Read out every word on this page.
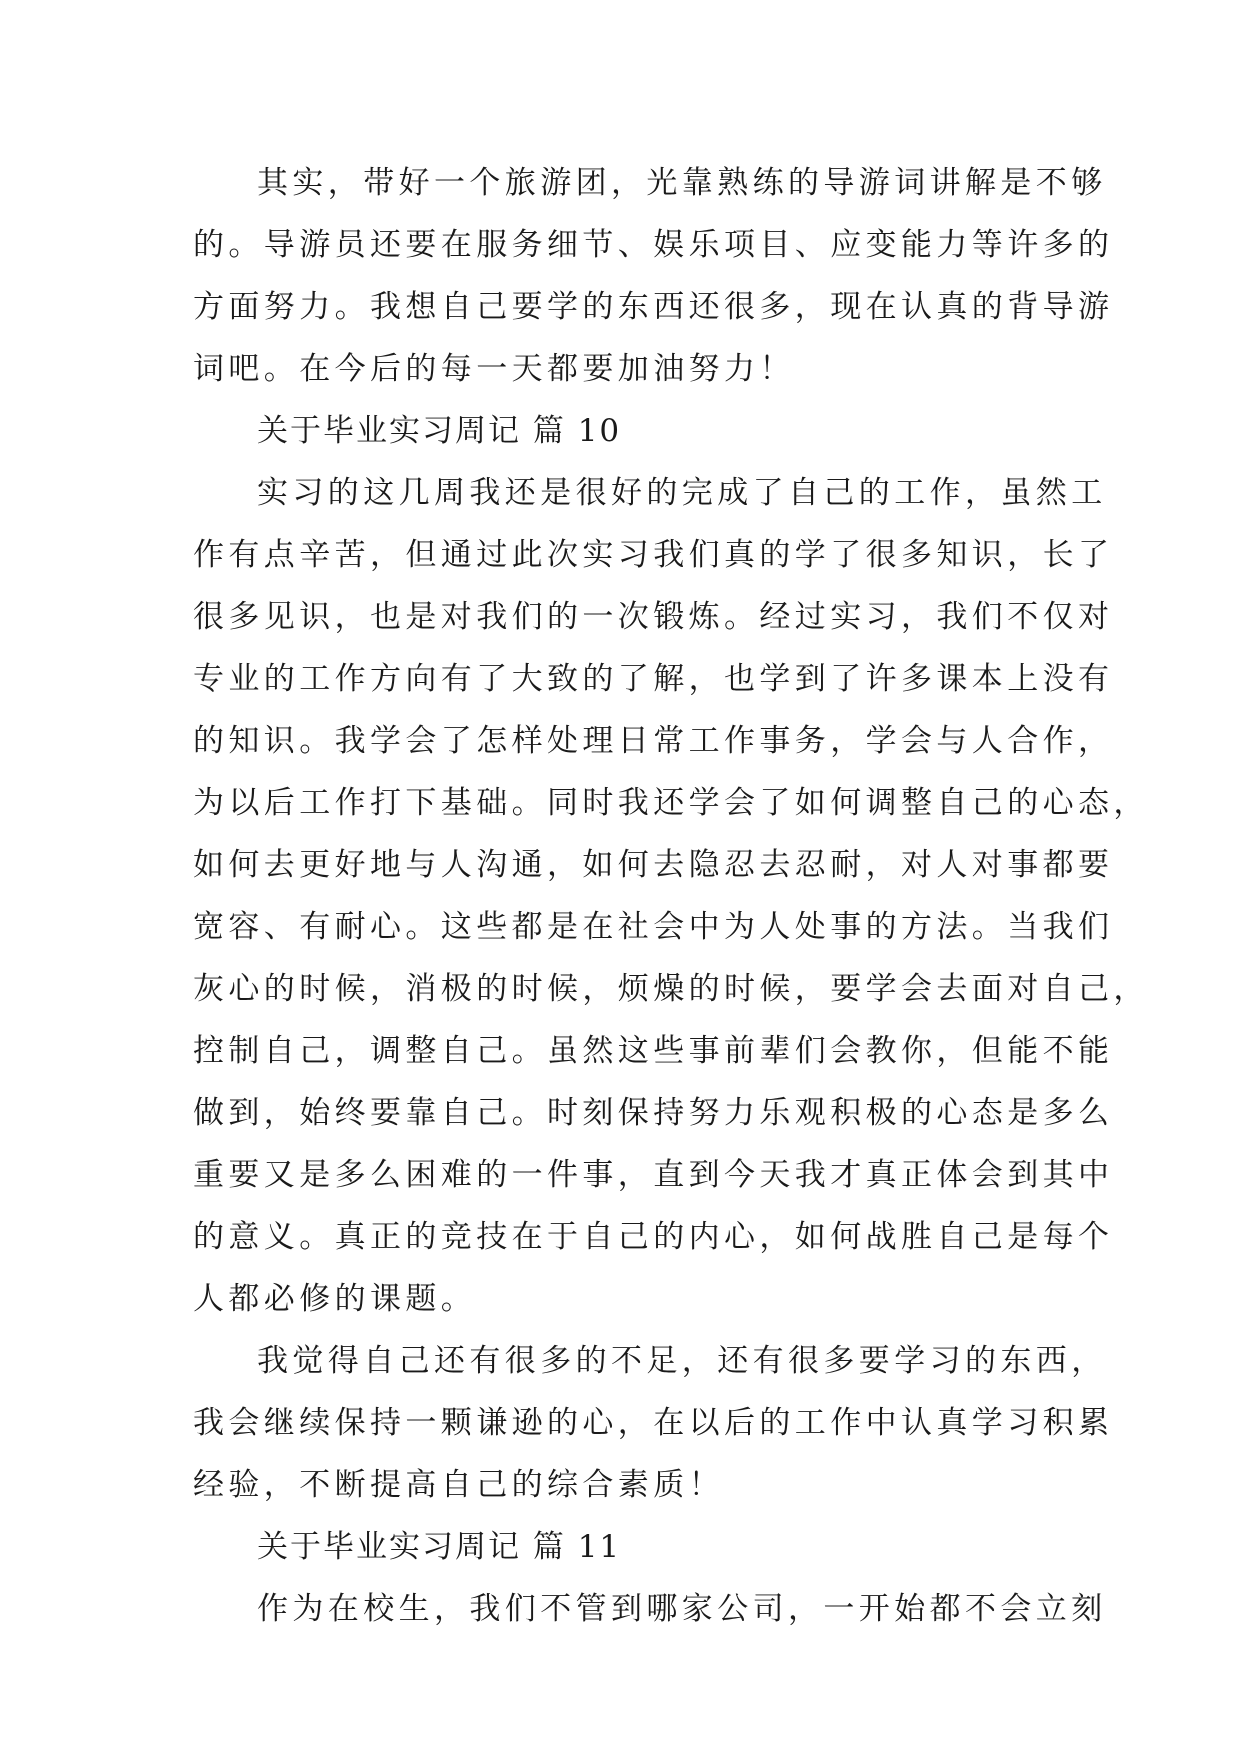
其实，带好一个旅游团，光靠熟练的导游词讲解是不够
的。导游员还要在服务细节、娱乐项目、应变能力等许多的
方面努力。我想自己要学的东西还很多，现在认真的背导游
词吧。在今后的每一天都要加油努力！
关于毕业实习周记 篇 10
实习的这几周我还是很好的完成了自己的工作，虽然工
作有点辛苦，但通过此次实习我们真的学了很多知识，长了
很多见识，也是对我们的一次锻炼。经过实习，我们不仅对
专业的工作方向有了大致的了解，也学到了许多课本上没有
的知识。我学会了怎样处理日常工作事务，学会与人合作，
为以后工作打下基础。同时我还学会了如何调整自己的心态，
如何去更好地与人沟通，如何去隐忍去忍耐，对人对事都要
宽容、有耐心。这些都是在社会中为人处事的方法。当我们
灰心的时候，消极的时候，烦燥的时候，要学会去面对自己，
控制自己，调整自己。虽然这些事前辈们会教你，但能不能
做到，始终要靠自己。时刻保持努力乐观积极的心态是多么
重要又是多么困难的一件事，直到今天我才真正体会到其中
的意义。真正的竞技在于自己的内心，如何战胜自己是每个
人都必修的课题。
我觉得自己还有很多的不足，还有很多要学习的东西，
我会继续保持一颗谦逊的心，在以后的工作中认真学习积累
经验，不断提高自己的综合素质！
关于毕业实习周记 篇 11
作为在校生，我们不管到哪家公司，一开始都不会立刻
